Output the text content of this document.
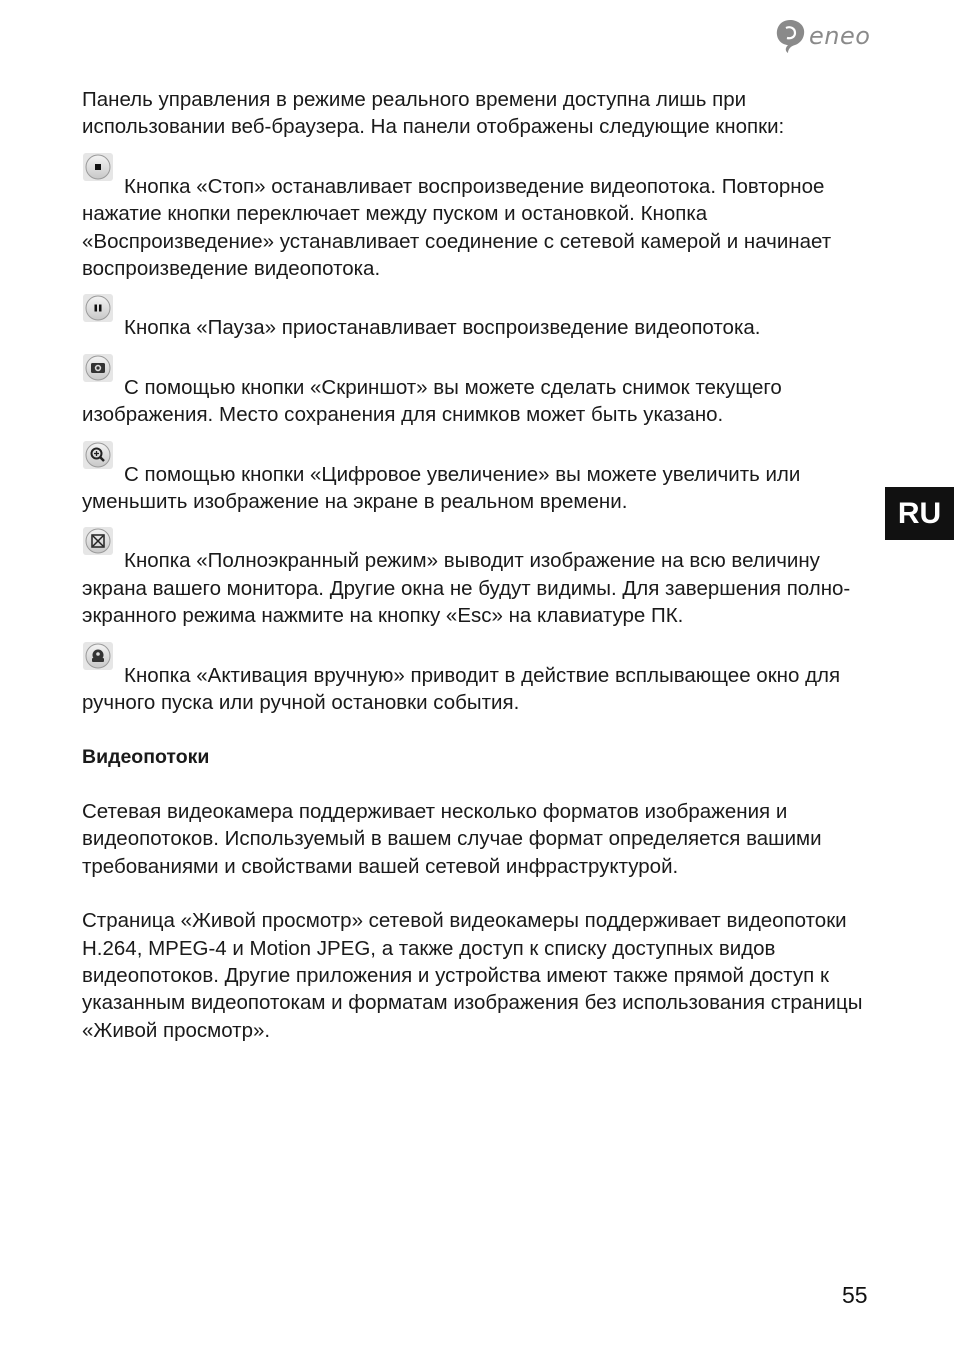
eneo

Панель управления в режиме реального времени доступна лишь при использовании веб-браузера. На панели отображены следующие кнопки:

Кнопка «Стоп» останавливает воспроизведение видеопотока. Повторное нажатие кнопки переключает между пуском и остановкой. Кнопка «Воспроизведение» устанавливает соединение с сетевой камерой и начинает воспроизведение видеопотока.

Кнопка «Пауза» приостанавливает воспроизведение видеопотока.

С помощью кнопки «Скриншот» вы можете сделать снимок текущего изображения. Место сохранения для снимков может быть указано.

С помощью кнопки «Цифровое увеличение» вы можете увеличить или уменьшить изображение на экране в реальном времени.

Кнопка «Полноэкранный режим» выводит изображение на всю величину экрана вашего монитора. Другие окна не будут видимы. Для завершения полно-экранного режима нажмите на кнопку «Esc» на клавиатуре ПК.

Кнопка «Активация вручную» приводит в действие всплывающее окно для ручного пуска или ручной остановки события.

Видеопотоки

Сетевая видеокамера поддерживает несколько форматов изображения и видеопотоков. Используемый в вашем случае формат определяется вашими требованиями и свойствами вашей сетевой инфраструктурой.

Страница «Живой просмотр» сетевой видеокамеры поддерживает видеопотоки H.264, MPEG-4 и Motion JPEG, а также доступ к списку доступных видов видеопотоков. Другие приложения и устройства имеют также прямой доступ к указанным видеопотокам и форматам изображения без использования страницы «Живой просмотр».

RU
55
